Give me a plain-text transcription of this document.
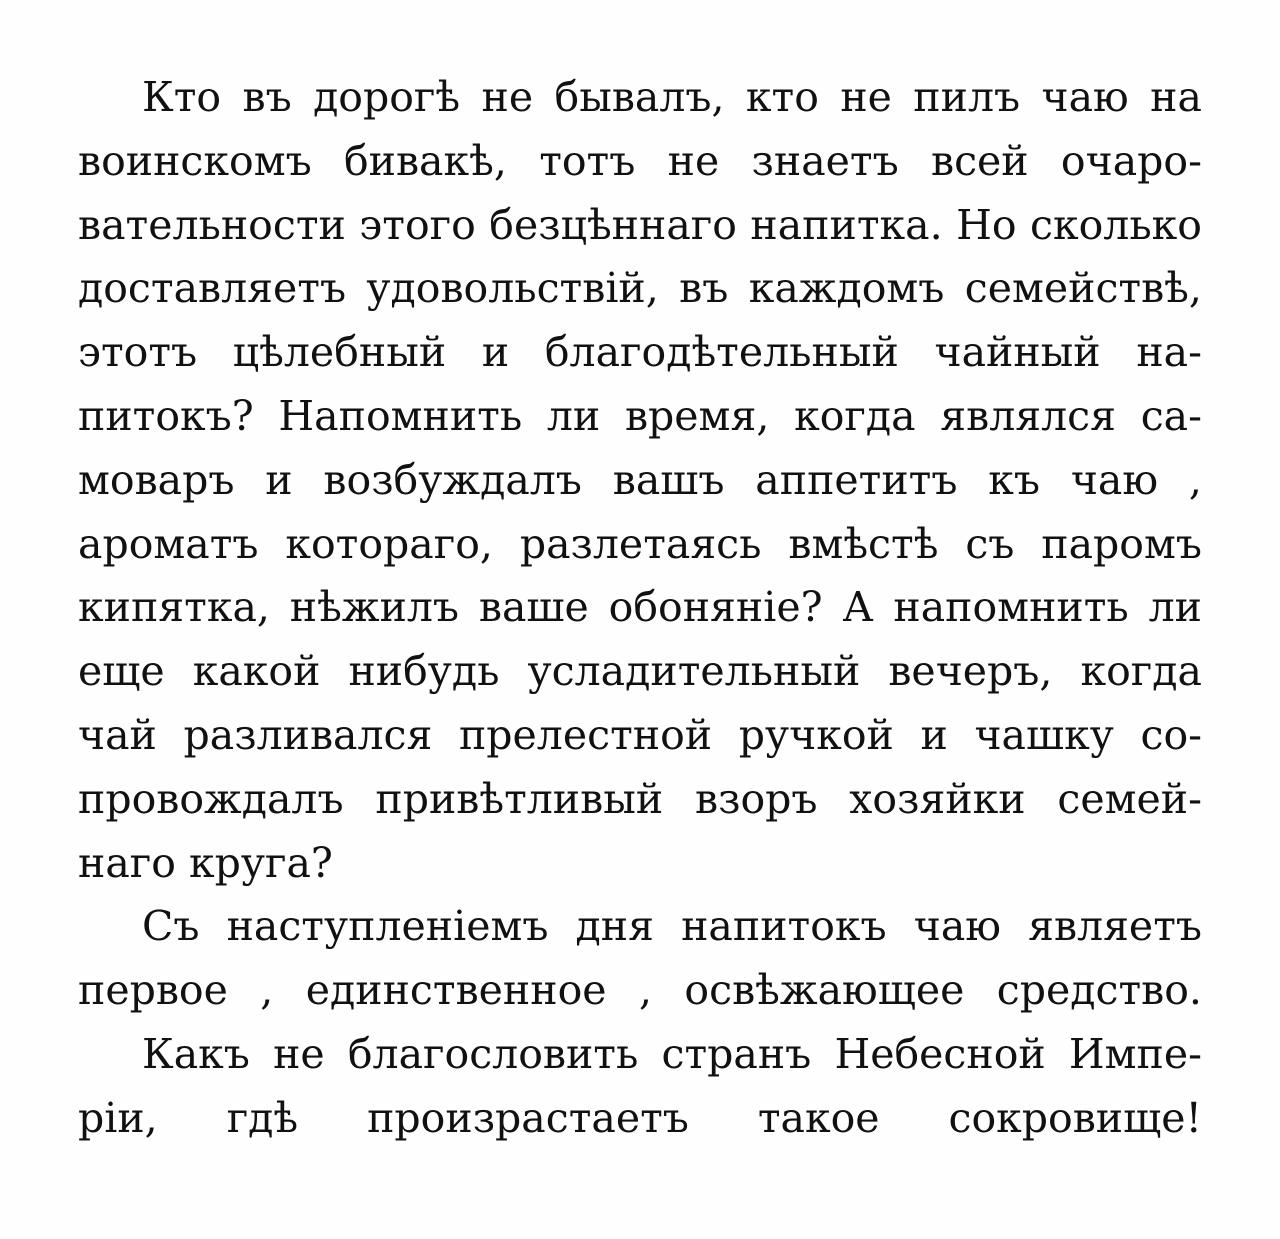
Кто въ дорогѣ не бывалъ, кто не пилъ чаю на
воинскомъ бивакѣ, тотъ не знаетъ всей очаро-
вательности этого безцѣннаго напитка. Но сколько
доставляетъ удовольствій, въ каждомъ семействѣ,
этотъ цѣлебный и благодѣтельный чайный на-
питокъ? Напомнить ли время, когда являлся са-
моваръ и возбуждалъ вашъ аппетитъ къ чаю ,
ароматъ котораго, разлетаясь вмѣстѣ съ паромъ
кипятка, нѣжилъ ваше обоняніе? А напомнить ли
еще какой нибудь усладительный вечеръ, когда
чай разливался прелестной ручкой и чашку со-
провождалъ привѣтливый взоръ хозяйки семей-
наго круга?
Съ наступленіемъ дня напитокъ чаю являетъ
первое , единственное , освѣжающее средство.
Какъ не благословить странъ Небесной Импе-
ріи, гдѣ произрастаетъ такое сокровище!
